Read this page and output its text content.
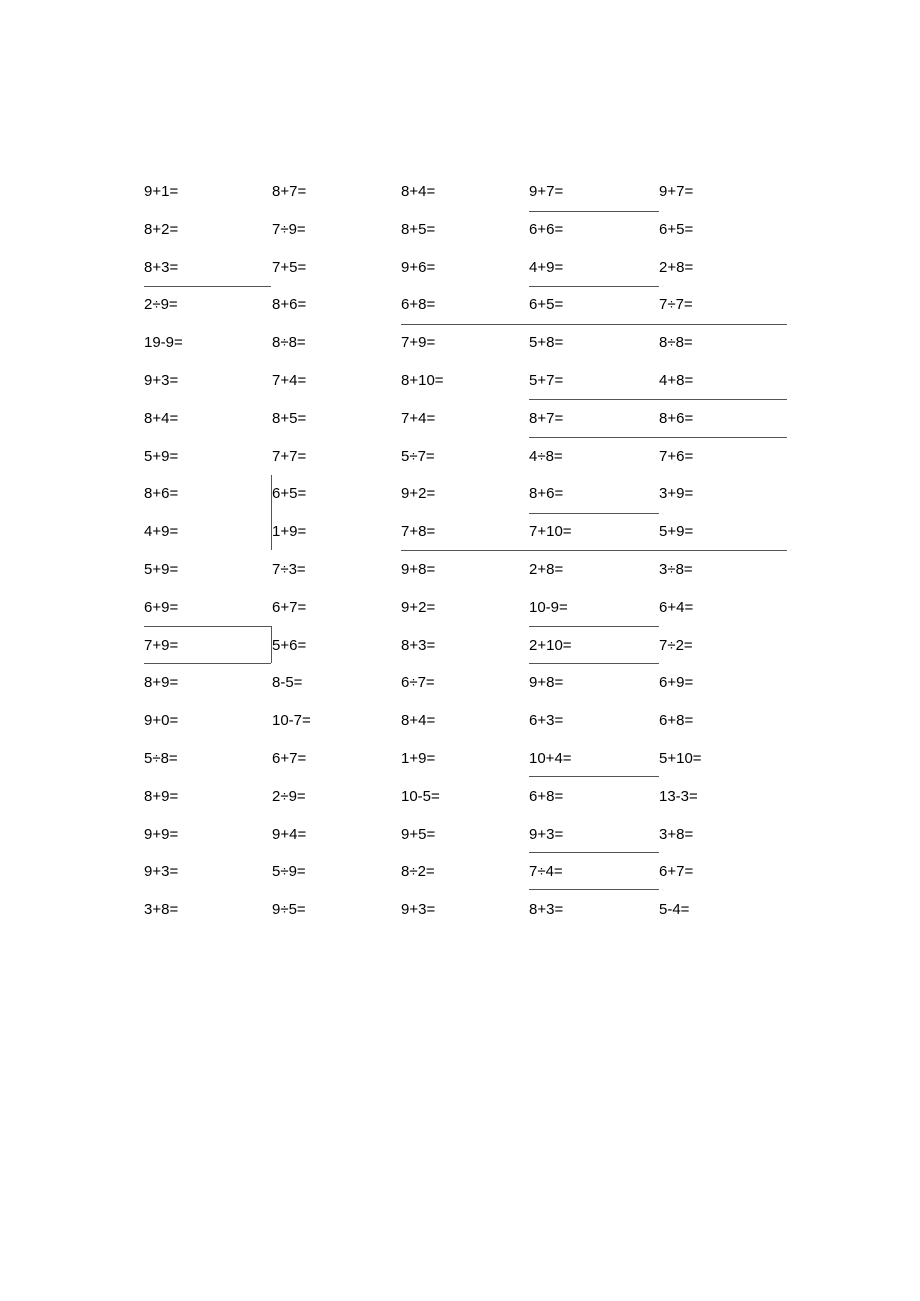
9+1=	8+7=	8+4=	9+7=	9+7=
8+2=	7÷9=	8+5=	6+6=	6+5=
8+3=	7+5=	9+6=	4+9=	2+8=
2÷9=	8+6=	6+8=	6+5=	7÷7=
19-9=	8÷8=	7+9=	5+8=	8÷8=
9+3=	7+4=	8+10=	5+7=	4+8=
8+4=	8+5=	7+4=	8+7=	8+6=
5+9=	7+7=	5÷7=	4÷8=	7+6=
8+6=	6+5=	9+2=	8+6=	3+9=
4+9=	1+9=	7+8=	7+10=	5+9=
5+9=	7÷3=	9+8=	2+8=	3÷8=
6+9=	6+7=	9+2=	10-9=	6+4=
7+9=	5+6=	8+3=	2+10=	7÷2=
8+9=	8-5=	6÷7=	9+8=	6+9=
9+0=	10-7=	8+4=	6+3=	6+8=
5÷8=	6+7=	1+9=	10+4=	5+10=
8+9=	2÷9=	10-5=	6+8=	13-3=
9+9=	9+4=	9+5=	9+3=	3+8=
9+3=	5÷9=	8÷2=	7÷4=	6+7=
3+8=	9÷5=	9+3=	8+3=	5-4=
